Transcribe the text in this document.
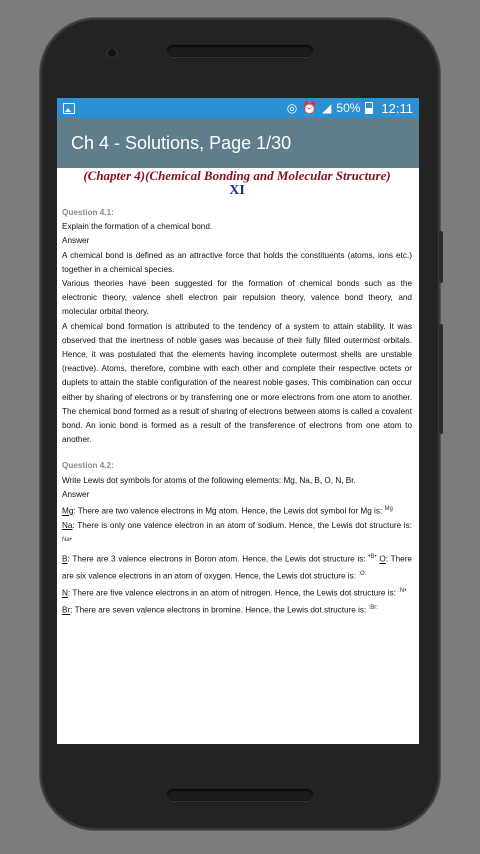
◎ ⏰ ◢ 50% 12:11
Ch 4 - Solutions, Page 1/30
(Chapter 4)(Chemical Bonding and Molecular Structure)
XI
Question 4.1:

Explain the formation of a chemical bond.

Answer

A chemical bond is defined as an attractive force that holds the constituents (atoms, ions etc.) together in a chemical species.

Various theories have been suggested for the formation of chemical bonds such as the electronic theory, valence shell electron pair repulsion theory, valence bond theory, and molecular orbital theory.

A chemical bond formation is attributed to the tendency of a system to attain stability. It was observed that the inertness of noble gases was because of their fully filled outermost orbitals. Hence, it was postulated that the elements having incomplete outermost shells are unstable (reactive). Atoms, therefore, combine with each other and complete their respective octets or duplets to attain the stable configuration of the nearest noble gases. This combination can occur either by sharing of electrons or by transferring one or more electrons from one atom to another. The chemical bond formed as a result of sharing of electrons between atoms is called a covalent bond. An ionic bond is formed as a result of the transference of electrons from one atom to another.

Question 4.2:

Write Lewis dot symbols for atoms of the following elements: Mg, Na, B, O, N, Br.

Answer

Mg: There are two valence electrons in Mg atom. Hence, the Lewis dot symbol for Mg is: $^{Mg}$

Na: There is only one valence electron in an atom of sodium. Hence, the Lewis dot structure is: $^{Na•}$

B: There are 3 valence electrons in Boron atom. Hence, the Lewis dot structure is: $^{•B•}$ O: There are six valence electrons in an atom of oxygen. Hence, the Lewis dot structure is: $^{:O:}$

N: There are five valence electrons in an atom of nitrogen. Hence, the Lewis dot structure is: $^{:N•}$

Br: There are seven valence electrons in bromine. Hence, the Lewis dot structure is: $^{:Br:}$
